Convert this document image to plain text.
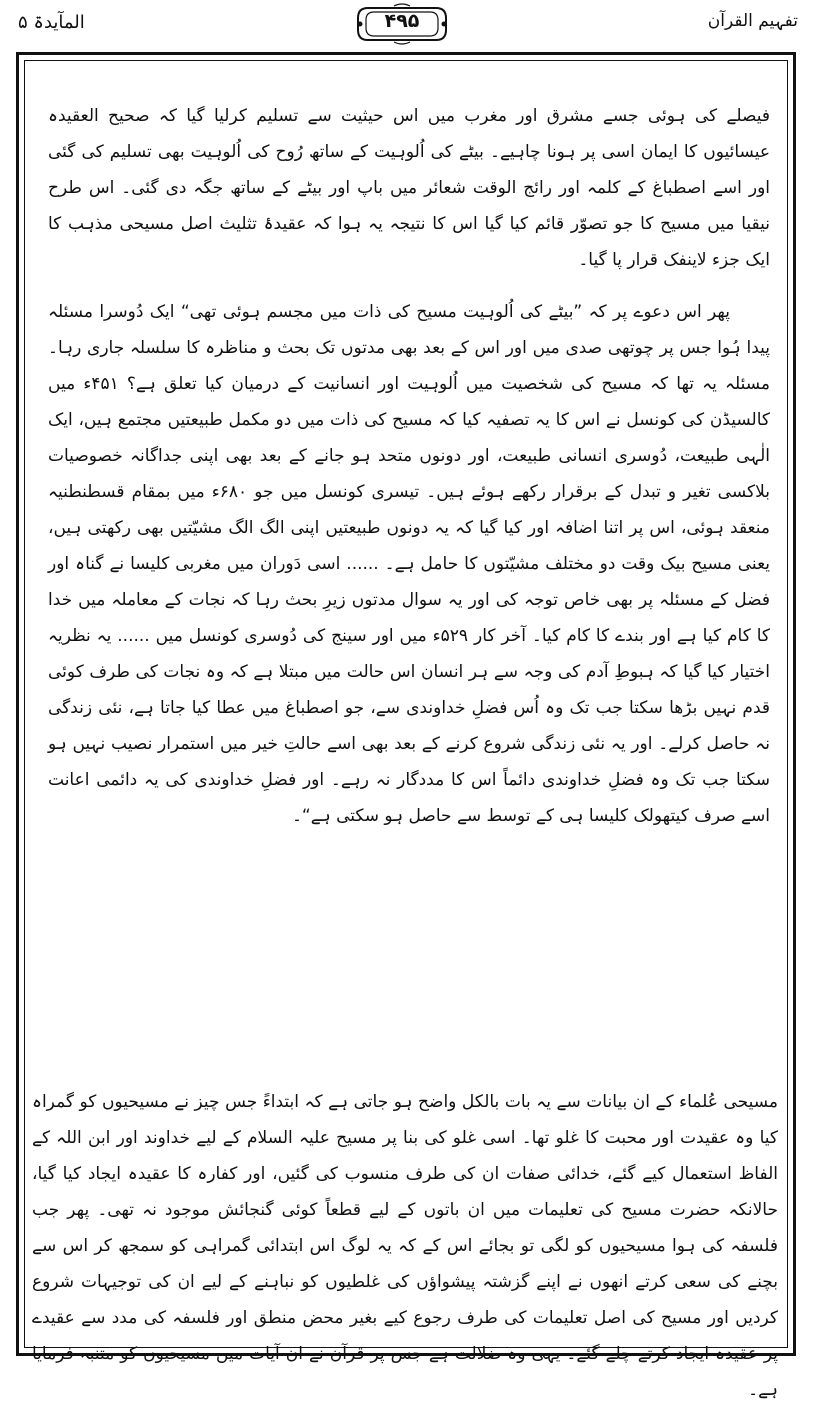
المآیدۃ ۵	۴۹۵	تفہیم القرآن

فیصلے کی ہوئی جسے مشرق اور مغرب میں اس حیثیت سے تسلیم کرلیا گیا کہ صحیح العقیدہ عیسائیوں کا ایمان اسی پر ہونا چاہیے۔ بیٹے کی اُلوہیت کے ساتھ رُوح کی اُلوہیت بھی تسلیم کی گئی اور اسے اصطباغ کے کلمہ اور رائج الوقت شعائر میں باپ اور بیٹے کے ساتھ جگہ دی گئی۔ اس طرح نیقیا میں مسیح کا جو تصوّر قائم کیا گیا اس کا نتیجہ یہ ہوا کہ عقیدۂ تثلیث اصل مسیحی مذہب کا ایک جزء لاینفک قرار پا گیا۔

پھر اس دعوے پر کہ ”بیٹے کی اُلوہیت مسیح کی ذات میں مجسم ہوئی تھی“ ایک دُوسرا مسئلہ پیدا ہُوا جس پر چوتھی صدی میں اور اس کے بعد بھی مدتوں تک بحث و مناظرہ کا سلسلہ جاری رہا۔ مسئلہ یہ تھا کہ مسیح کی شخصیت میں اُلوہیت اور انسانیت کے درمیان کیا تعلق ہے؟ ۴۵۱ء میں کالسیڈن کی کونسل نے اس کا یہ تصفیہ کیا کہ مسیح کی ذات میں دو مکمل طبیعتیں مجتمع ہیں، ایک الٰہی طبیعت، دُوسری انسانی طبیعت، اور دونوں متحد ہو جانے کے بعد بھی اپنی جداگانہ خصوصیات بلاکسی تغیر و تبدل کے برقرار رکھے ہوئے ہیں۔ تیسری کونسل میں جو ۶۸۰ء میں بمقام قسطنطنیہ منعقد ہوئی، اس پر اتنا اضافہ اور کیا گیا کہ یہ دونوں طبیعتیں اپنی الگ الگ مشیّتیں بھی رکھتی ہیں، یعنی مسیح بیک وقت دو مختلف مشیّتوں کا حامل ہے۔ ...... اسی دَوران میں مغربی کلیسا نے گناہ اور فضل کے مسئلہ پر بھی خاص توجہ کی اور یہ سوال مدتوں زیرِ بحث رہا کہ نجات کے معاملہ میں خدا کا کام کیا ہے اور بندے کا کام کیا۔ آخر کار ۵۲۹ء میں اور سینج کی دُوسری کونسل میں ...... یہ نظریہ اختیار کیا گیا کہ ہبوطِ آدم کی وجہ سے ہر انسان اس حالت میں مبتلا ہے کہ وہ نجات کی طرف کوئی قدم نہیں بڑھا سکتا جب تک وہ اُس فضلِ خداوندی سے، جو اصطباغ میں عطا کیا جاتا ہے، نئی زندگی نہ حاصل کرلے۔ اور یہ نئی زندگی شروع کرنے کے بعد بھی اسے حالتِ خیر میں استمرار نصیب نہیں ہو سکتا جب تک وہ فضلِ خداوندی دائماً اس کا مددگار نہ رہے۔ اور فضلِ خداوندی کی یہ دائمی اعانت اسے صرف کیتھولک کلیسا ہی کے توسط سے حاصل ہو سکتی ہے“۔

مسیحی عُلماء کے ان بیانات سے یہ بات بالکل واضح ہو جاتی ہے کہ ابتداءً جس چیز نے مسیحیوں کو گمراہ کیا وہ عقیدت اور محبت کا غلو تھا۔ اسی غلو کی بنا پر مسیح علیہ السلام کے لیے خداوند اور ابن اللہ کے الفاظ استعمال کیے گئے، خدائی صفات ان کی طرف منسوب کی گئیں، اور کفارہ کا عقیدہ ایجاد کیا گیا، حالانکہ حضرت مسیح کی تعلیمات میں ان باتوں کے لیے قطعاً کوئی گنجائش موجود نہ تھی۔ پھر جب فلسفہ کی ہوا مسیحیوں کو لگی تو بجائے اس کے کہ یہ لوگ اس ابتدائی گمراہی کو سمجھ کر اس سے بچنے کی سعی کرتے انھوں نے اپنے گزشتہ پیشواؤں کی غلطیوں کو نباہنے کے لیے ان کی توجیہات شروع کردیں اور مسیح کی اصل تعلیمات کی طرف رجوع کیے بغیر محض منطق اور فلسفہ کی مدد سے عقیدے پر عقیدہ ایجاد کرتے چلے گئے۔ یہی وہ ضلالت ہے جس پر قرآن نے ان آیات میں مسیحیوں کو متنبہ فرمایا ہے۔
